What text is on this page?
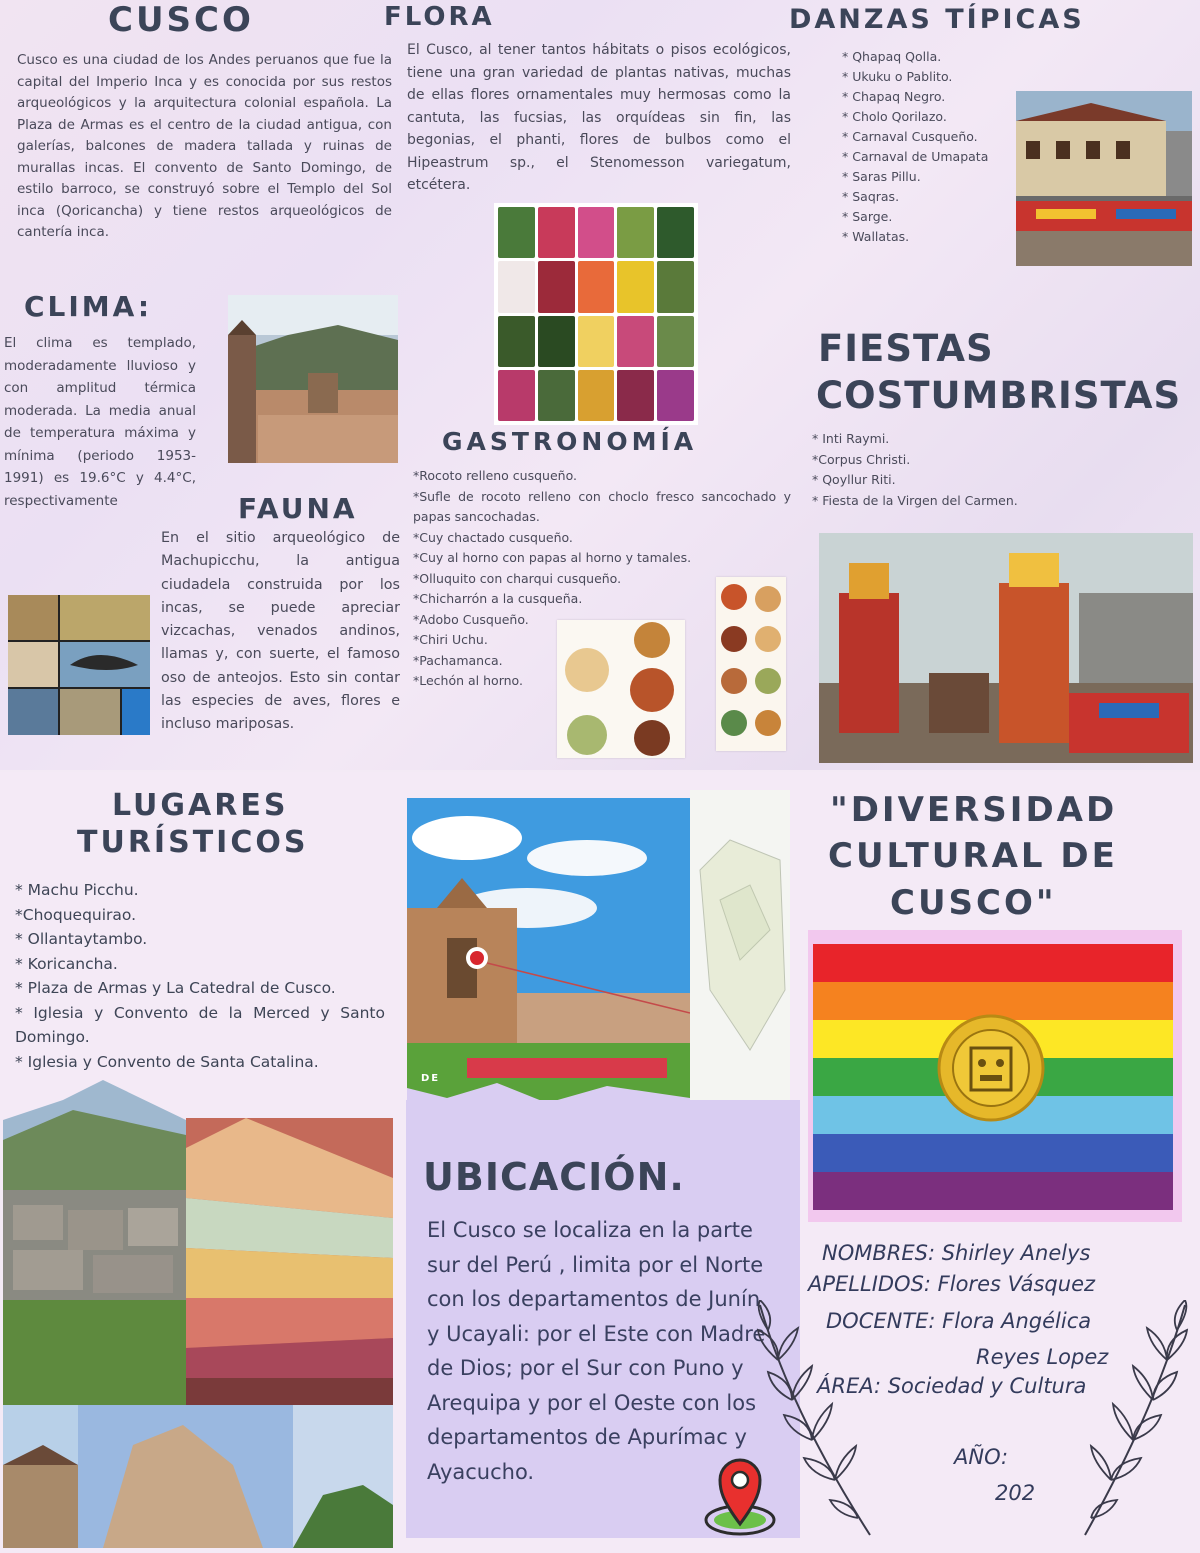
CUSCO
Cusco es una ciudad de los Andes peruanos que fue la capital del Imperio Inca y es conocida por sus restos arqueológicos y la arquitectura colonial española. La Plaza de Armas es el centro de la ciudad antigua, con galerías, balcones de madera tallada y ruinas de murallas incas. El convento de Santo Domingo, de estilo barroco, se construyó sobre el Templo del Sol inca (Qoricancha) y tiene restos arqueológicos de cantería inca.
FLORA
El Cusco, al tener tantos hábitats o pisos ecológicos, tiene una gran variedad de plantas nativas, muchas de ellas flores ornamentales muy hermosas como la cantuta, las fucsias, las orquídeas sin fin, las begonias, el phanti, flores de bulbos como el Hipeastrum sp., el Stenomesson variegatum, etcétera.
DANZAS TÍPICAS
* Qhapaq Qolla.
* Ukuku o Pablito.
* Chapaq Negro.
* Cholo Qorilazo.
* Carnaval Cusqueño.
* Carnaval de Umapata
* Saras Pillu.
* Saqras.
* Sarge.
* Wallatas.
CLIMA:
El clima es templado, moderadamente lluvioso y con amplitud térmica moderada. La media anual de temperatura máxima y mínima (periodo 1953-1991) es 19.6°C y 4.4°C, respectivamente	FAUNA
En el sitio arqueológico de Machupicchu, la antigua ciudadela construida por los incas, se puede apreciar vizcachas, venados andinos, llamas y, con suerte, el famoso oso de anteojos. Esto sin contar las especies de aves, flores e incluso mariposas.
GASTRONOMÍA
*Rocoto relleno cusqueño.
*Sufle de rocoto relleno con choclo fresco sancochado y papas sancochadas.
*Cuy chactado cusqueño.
*Cuy al horno con papas al horno y tamales.
*Olluquito con charqui cusqueño.
*Chicharrón a la cusqueña.
*Adobo Cusqueño.
*Chiri Uchu.
*Pachamanca.
*Lechón al horno.
FIESTAS
COSTUMBRISTAS
* Inti Raymi.
*Corpus Christi.
* Qoyllur Riti.
* Fiesta de la Virgen del Carmen.
LUGARES
TURÍSTICOS
* Machu Picchu.
*Choquequirao.
* Ollantaytambo.
* Koricancha.
* Plaza de Armas y La Catedral de Cusco.
* Iglesia y Convento de la Merced y Santo Domingo.
* Iglesia y Convento de Santa Catalina.
DE
UBICACIÓN.
El Cusco se localiza en la parte sur del Perú , limita por el Norte con los departamentos de Junín y Ucayali: por el Este con Madre de Dios; por el Sur con Puno y Arequipa y por el Oeste con los departamentos de Apurímac y Ayacucho.
"DIVERSIDAD
CULTURAL DE
CUSCO"
NOMBRES: Shirley Anelys
APELLIDOS: Flores Vásquez
DOCENTE: Flora Angélica
Reyes Lopez
ÁREA: Sociedad y Cultura
AÑO:
202
